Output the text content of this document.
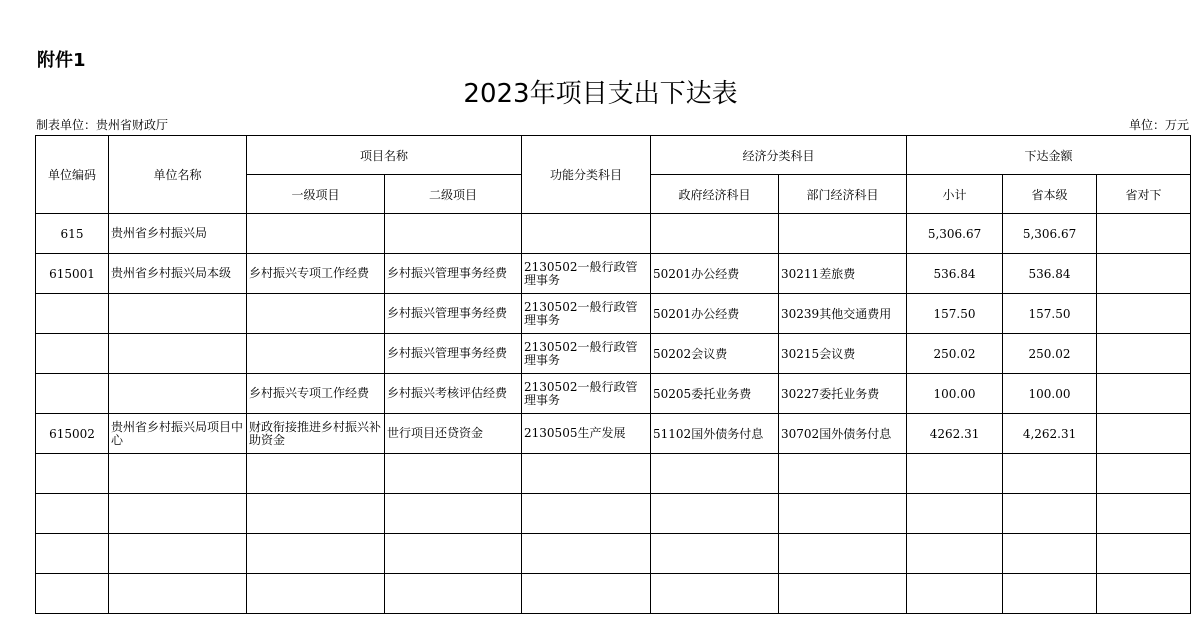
附件1
2023年项目支出下达表
制表单位：贵州省财政厅	单位：万元
单位编码	单位名称	项目名称		功能分类科目	经济分类科目		下达金额		
		一级项目	二级项目		政府经济科目	部门经济科目	小计	省本级	省对下
615	贵州省乡村振兴局						5,306.67	5,306.67	
615001	贵州省乡村振兴局本级	乡村振兴专项工作经费	乡村振兴管理事务经费	2130502一般行政管理事务	50201办公经费	30211差旅费	536.84	536.84	
			乡村振兴管理事务经费	2130502一般行政管理事务	50201办公经费	30239其他交通费用	157.50	157.50	
			乡村振兴管理事务经费	2130502一般行政管理事务	50202会议费	30215会议费	250.02	250.02	
		乡村振兴专项工作经费	乡村振兴考核评估经费	2130502一般行政管理事务	50205委托业务费	30227委托业务费	100.00	100.00	
615002	贵州省乡村振兴局项目中心	财政衔接推进乡村振兴补助资金	世行项目还贷资金	2130505生产发展	51102国外债务付息	30702国外债务付息	4262.31	4,262.31	
